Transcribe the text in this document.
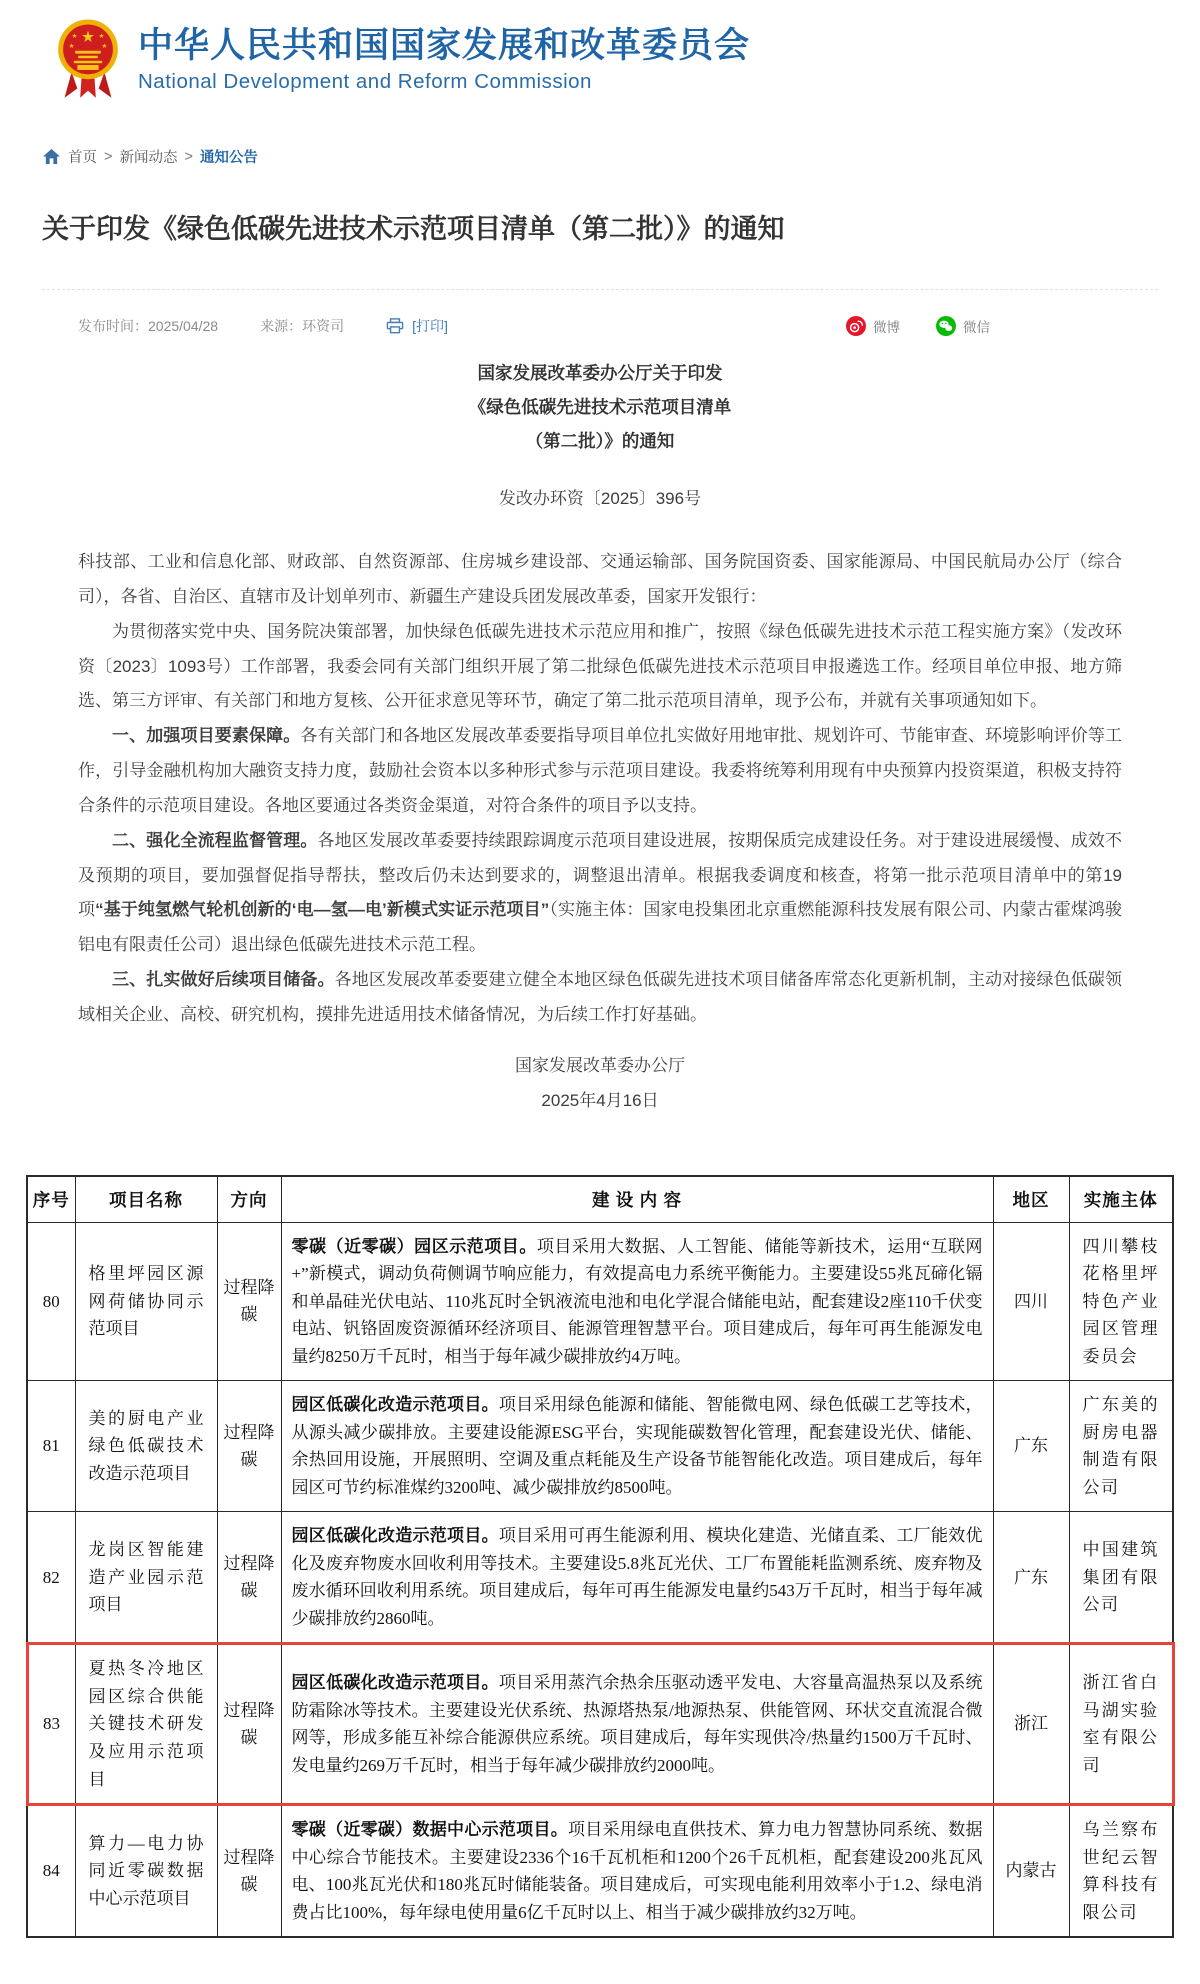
★
★ ★
★	★ 中华人民共和国国家发展和改革委员会
National Development and Reform Commission
首页 > 新闻动态 > 通知公告
关于印发《绿色低碳先进技术示范项目清单（第二批）》的通知
发布时间：2025/04/28	来源：环资司	[打印]	微博	微信
国家发展改革委办公厅关于印发
《绿色低碳先进技术示范项目清单
（第二批）》的通知
发改办环资〔2025〕396号
科技部、工业和信息化部、财政部、自然资源部、住房城乡建设部、交通运输部、国务院国资委、国家能源局、中国民航局办公厅（综合司），各省、自治区、直辖市及计划单列市、新疆生产建设兵团发展改革委，国家开发银行：
为贯彻落实党中央、国务院决策部署，加快绿色低碳先进技术示范应用和推广，按照《绿色低碳先进技术示范工程实施方案》（发改环资〔2023〕1093号）工作部署，我委会同有关部门组织开展了第二批绿色低碳先进技术示范项目申报遴选工作。经项目单位申报、地方筛选、第三方评审、有关部门和地方复核、公开征求意见等环节，确定了第二批示范项目清单，现予公布，并就有关事项通知如下。
一、加强项目要素保障。各有关部门和各地区发展改革委要指导项目单位扎实做好用地审批、规划许可、节能审查、环境影响评价等工作，引导金融机构加大融资支持力度，鼓励社会资本以多种形式参与示范项目建设。我委将统筹利用现有中央预算内投资渠道，积极支持符合条件的示范项目建设。各地区要通过各类资金渠道，对符合条件的项目予以支持。
二、强化全流程监督管理。各地区发展改革委要持续跟踪调度示范项目建设进展，按期保质完成建设任务。对于建设进展缓慢、成效不及预期的项目，要加强督促指导帮扶，整改后仍未达到要求的，调整退出清单。根据我委调度和核查，将第一批示范项目清单中的第19项“基于纯氢燃气轮机创新的‘电—氢—电’新模式实证示范项目”（实施主体：国家电投集团北京重燃能源科技发展有限公司、内蒙古霍煤鸿骏铝电有限责任公司）退出绿色低碳先进技术示范工程。
三、扎实做好后续项目储备。各地区发展改革委要建立健全本地区绿色低碳先进技术项目储备库常态化更新机制，主动对接绿色低碳领域相关企业、高校、研究机构，摸排先进适用技术储备情况，为后续工作打好基础。
国家发展改革委办公厅
2025年4月16日
序号	项目名称	方向	建 设 内 容	地区	实施主体
80	格里坪园区源网荷储协同示范项目	过程降碳	零碳（近零碳）园区示范项目。项目采用大数据、人工智能、储能等新技术，运用“互联网+”新模式，调动负荷侧调节响应能力，有效提高电力系统平衡能力。主要建设55兆瓦碲化镉和单晶硅光伏电站、110兆瓦时全钒液流电池和电化学混合储能电站，配套建设2座110千伏变电站、钒铬固废资源循环经济项目、能源管理智慧平台。项目建成后，每年可再生能源发电量约8250万千瓦时，相当于每年减少碳排放约4万吨。	四川	四川攀枝花格里坪特色产业园区管理委员会
81	美的厨电产业绿色低碳技术改造示范项目	过程降碳	园区低碳化改造示范项目。项目采用绿色能源和储能、智能微电网、绿色低碳工艺等技术，从源头减少碳排放。主要建设能源ESG平台，实现能碳数智化管理，配套建设光伏、储能、余热回用设施，开展照明、空调及重点耗能及生产设备节能智能化改造。项目建成后，每年园区可节约标准煤约3200吨、减少碳排放约8500吨。	广东	广东美的厨房电器制造有限公司
82	龙岗区智能建造产业园示范项目	过程降碳	园区低碳化改造示范项目。项目采用可再生能源利用、模块化建造、光储直柔、工厂能效优化及废弃物废水回收利用等技术。主要建设5.8兆瓦光伏、工厂布置能耗监测系统、废弃物及废水循环回收利用系统。项目建成后，每年可再生能源发电量约543万千瓦时，相当于每年减少碳排放约2860吨。	广东	中国建筑集团有限公司
83	夏热冬冷地区园区综合供能关键技术研发及应用示范项目	过程降碳	园区低碳化改造示范项目。项目采用蒸汽余热余压驱动透平发电、大容量高温热泵以及系统防霜除冰等技术。主要建设光伏系统、热源塔热泵/地源热泵、供能管网、环状交直流混合微网等，形成多能互补综合能源供应系统。项目建成后，每年实现供冷/热量约1500万千瓦时、发电量约269万千瓦时，相当于每年减少碳排放约2000吨。	浙江	浙江省白马湖实验室有限公司
84	算力—电力协同近零碳数据中心示范项目	过程降碳	零碳（近零碳）数据中心示范项目。项目采用绿电直供技术、算力电力智慧协同系统、数据中心综合节能技术。主要建设2336个16千瓦机柜和1200个26千瓦机柜，配套建设200兆瓦风电、100兆瓦光伏和180兆瓦时储能装备。项目建成后，可实现电能利用效率小于1.2、绿电消费占比100%，每年绿电使用量6亿千瓦时以上、相当于减少碳排放约32万吨。	内蒙古	乌兰察布世纪云智算科技有限公司
